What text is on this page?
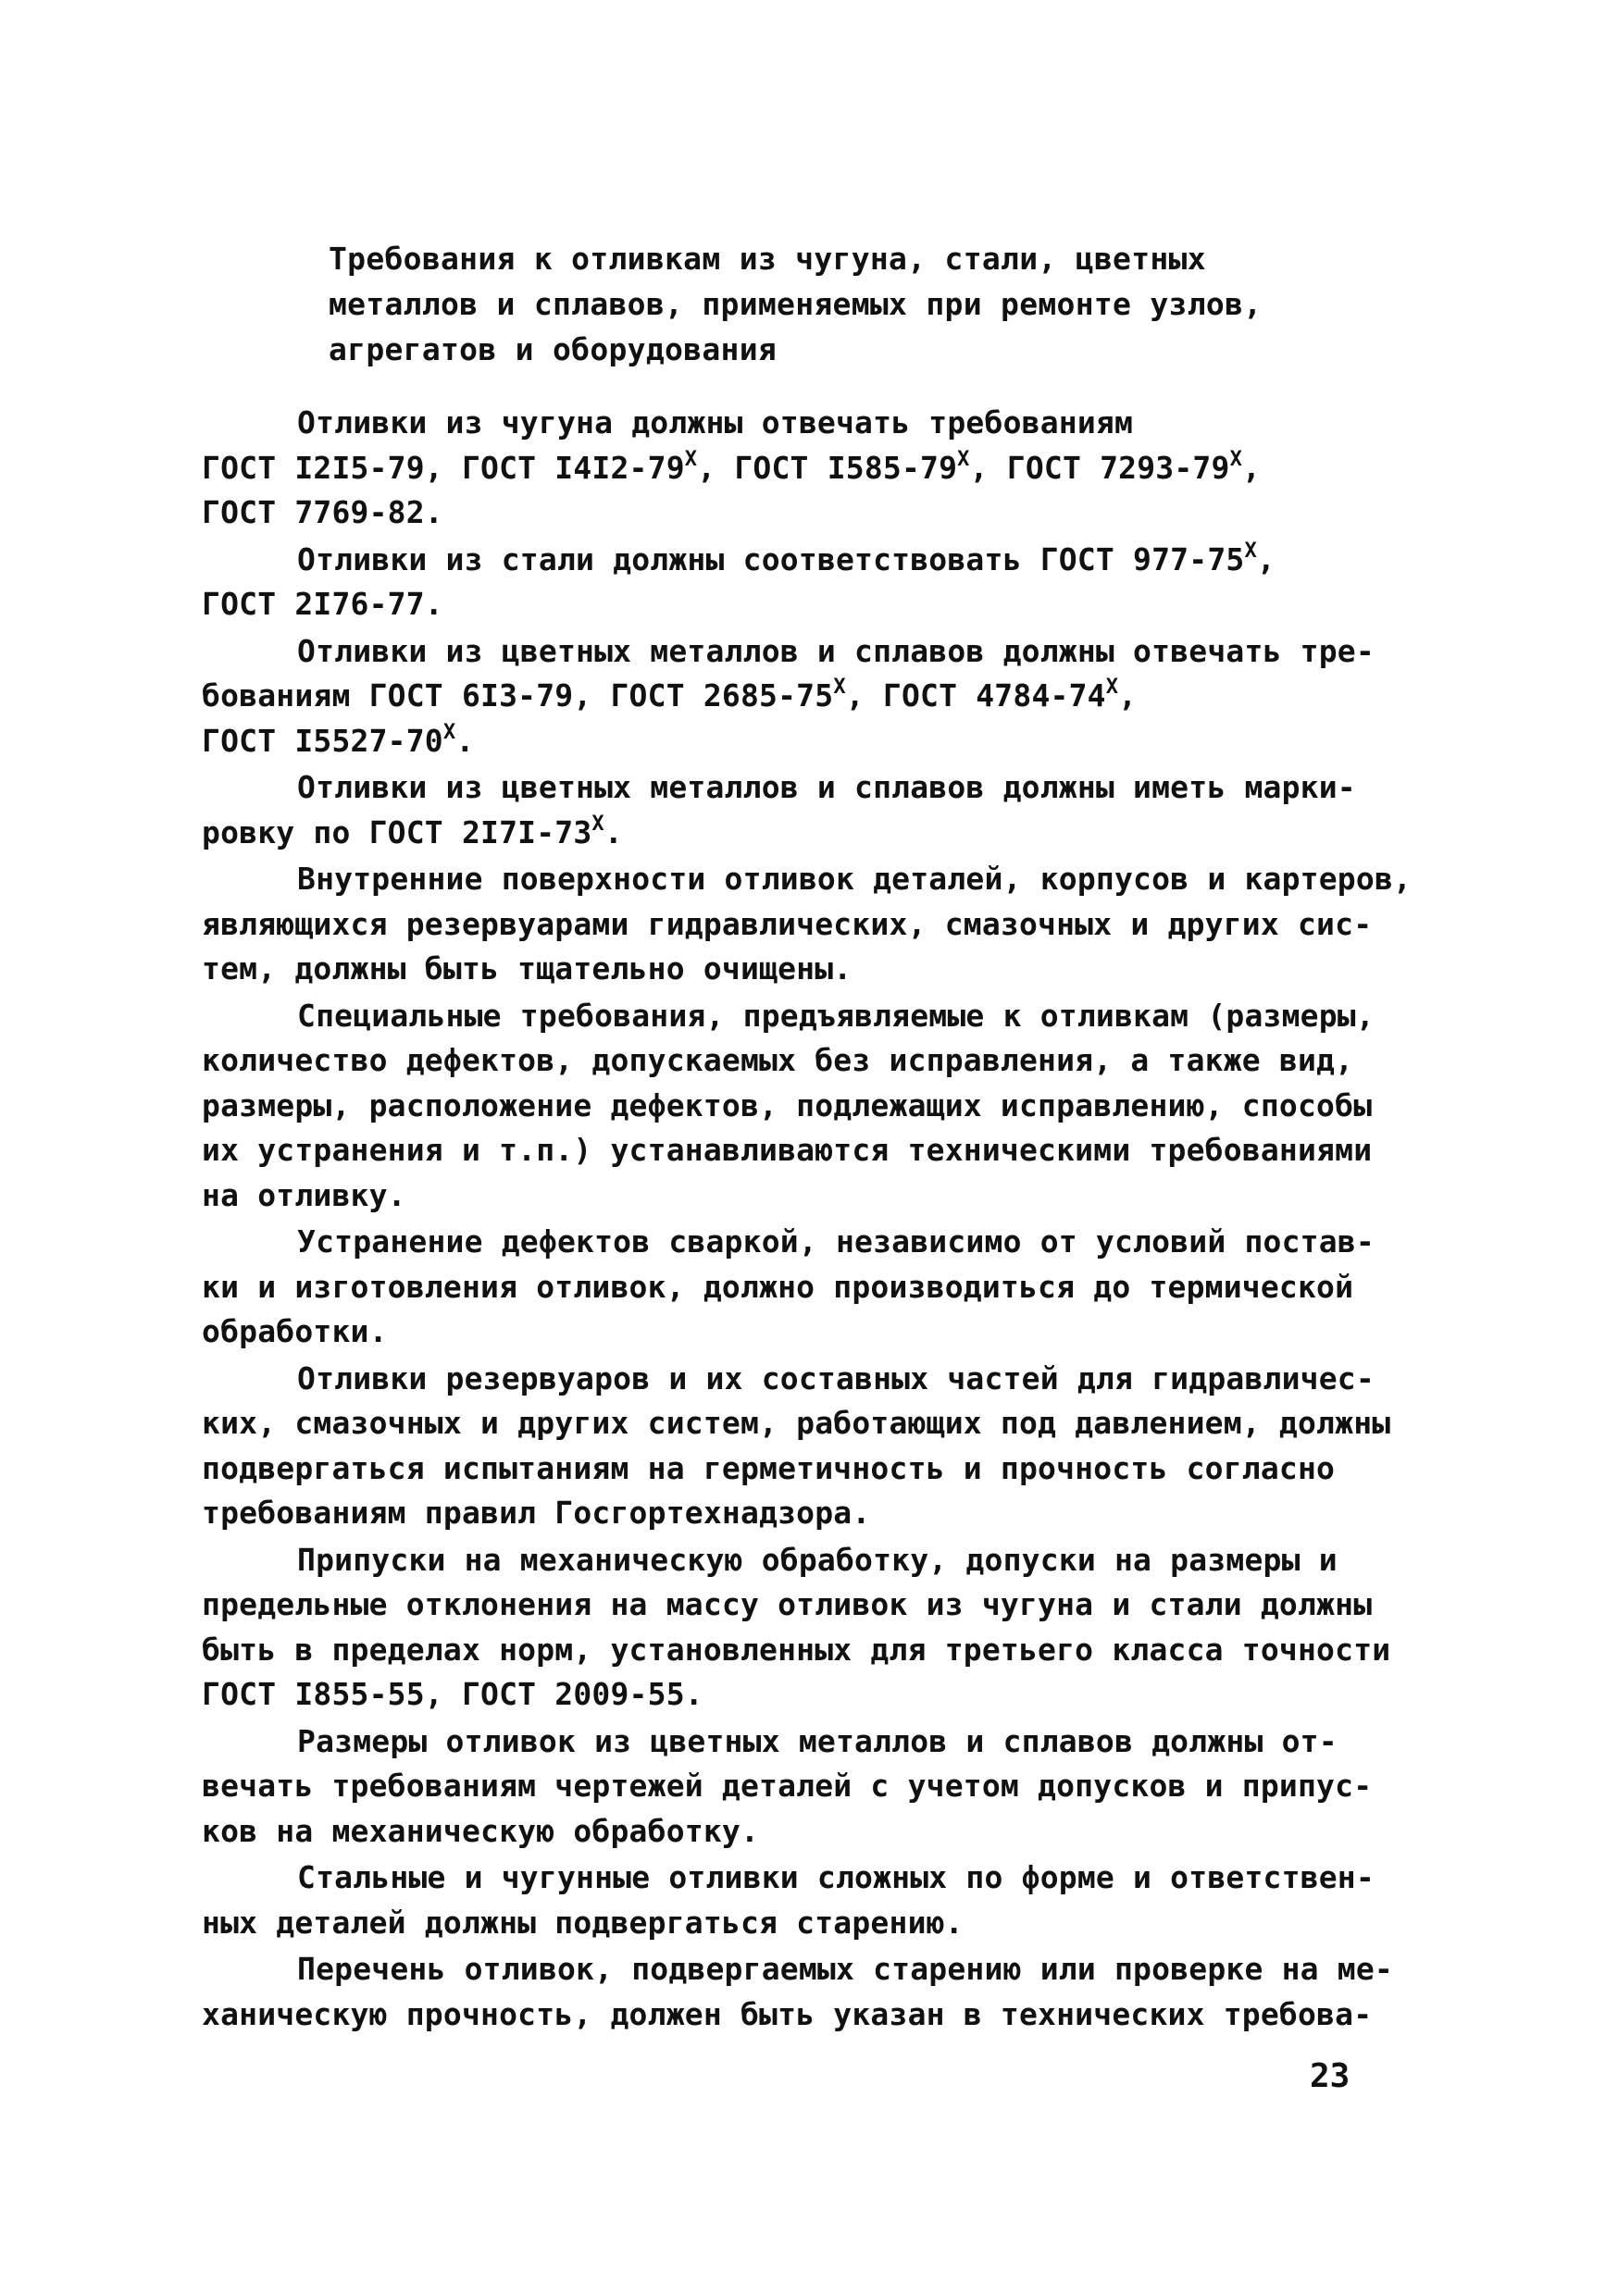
Требования к отливкам из чугуна, стали, цветных
металлов и сплавов, применяемых при ремонте узлов,
агрегатов и оборудования
Отливки из чугуна должны отвечать требованиям
ГОСТ I2I5-79, ГОСТ $I4I2-79^X$, ГОСТ $I585-79^X$, ГОСТ $7293-79^X$,
ГОСТ 7769-82.
Отливки из стали должны соответствовать ГОСТ $977-75^X$,
ГОСТ 2I76-77.
Отливки из цветных металлов и сплавов должны отвечать тре-
бованиям ГОСТ 6I3-79, ГОСТ $2685-75^X$, ГОСТ $4784-74^X$,
ГОСТ $I5527-70^X$.
Отливки из цветных металлов и сплавов должны иметь марки-
ровку по ГОСТ $2I7I-73^X$.
Внутренние поверхности отливок деталей, корпусов и картеров,
являющихся резервуарами гидравлических, смазочных и других сис-
тем, должны быть тщательно очищены.
Специальные требования, предъявляемые к отливкам (размеры,
количество дефектов, допускаемых без исправления, а также вид,
размеры, расположение дефектов, подлежащих исправлению, способы
их устранения и т.п.) устанавливаются техническими требованиями
на отливку.
Устранение дефектов сваркой, независимо от условий постав-
ки и изготовления отливок, должно производиться до термической
обработки.
Отливки резервуаров и их составных частей для гидравличес-
ких, смазочных и других систем, работающих под давлением, должны
подвергаться испытаниям на герметичность и прочность согласно
требованиям правил Госгортехнадзора.
Припуски на механическую обработку, допуски на размеры и
предельные отклонения на массу отливок из чугуна и стали должны
быть в пределах норм, установленных для третьего класса точности
ГОСТ I855-55, ГОСТ 2009-55.
Размеры отливок из цветных металлов и сплавов должны от-
вечать требованиям чертежей деталей с учетом допусков и припус-
ков на механическую обработку.
Стальные и чугунные отливки сложных по форме и ответствен-
ных деталей должны подвергаться старению.
Перечень отливок, подвергаемых старению или проверке на ме-
ханическую прочность, должен быть указан в технических требова-
23
